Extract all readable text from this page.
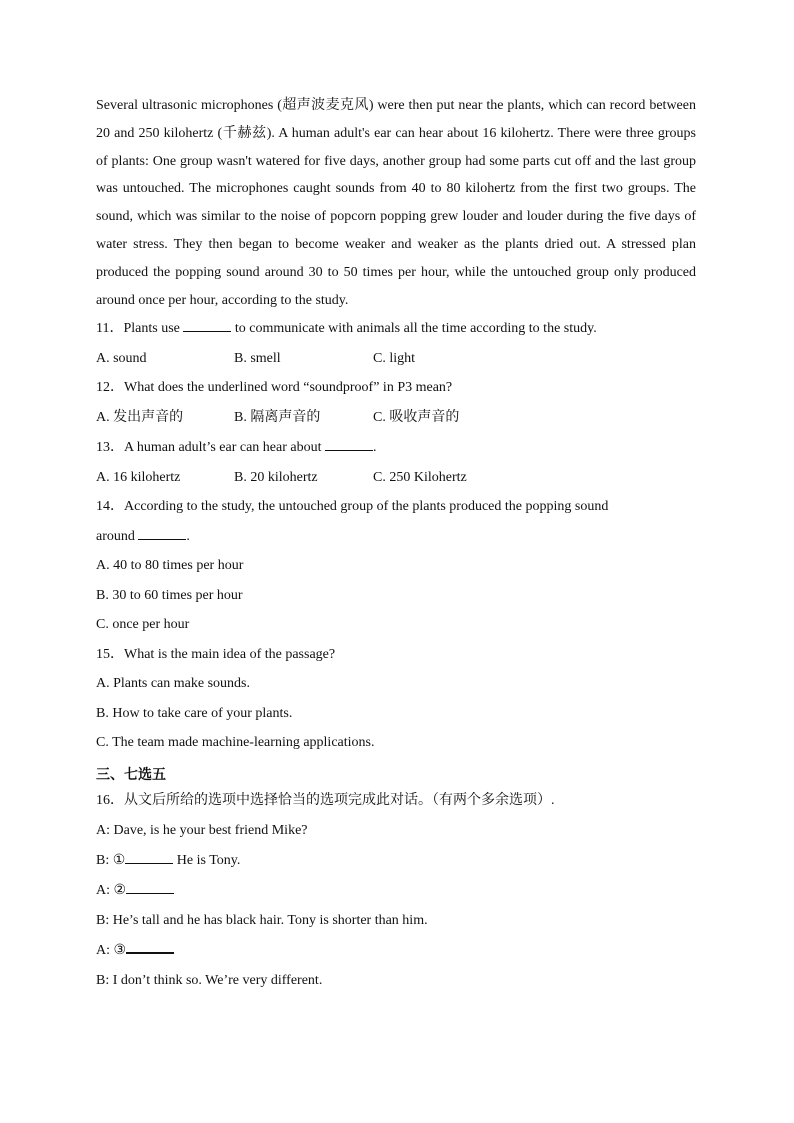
Several ultrasonic microphones (超声波麦克风) were then put near the plants, which can record between 20 and 250 kilohertz (千赫兹). A human adult's ear can hear about 16 kilohertz. There were three groups of plants: One group wasn't watered for five days, another group had some parts cut off and the last group was untouched. The microphones caught sounds from 40 to 80 kilohertz from the first two groups. The sound, which was similar to the noise of popcorn popping grew louder and louder during the five days of water stress. They then began to become weaker and weaker as the plants dried out. A stressed plan produced the popping sound around 30 to 50 times per hour, while the untouched group only produced around once per hour, according to the study.

11．Plants use	to communicate with animals all the time according to the study.
A. sound	B. smell	C. light
12．What does the underlined word “soundproof” in P3 mean?
A. 发出声音的	B. 隔离声音的	C. 吸收声音的
13．A human adult’s ear can hear about	.
A. 16 kilohertz	B. 20 kilohertz	C. 250 Kilohertz
14．According to the study, the untouched group of the plants produced the popping sound
around	.
A. 40 to 80 times per hour
B. 30 to 60 times per hour
C. once per hour
15．What is the main idea of the passage?
A. Plants can make sounds.
B. How to take care of your plants.
C. The team made machine-learning applications.
三、七选五
16．从文后所给的选项中选择恰当的选项完成此对话。（有两个多余选项）.
A: Dave, is he your best friend Mike?
B: ①	He is Tony.
A: ②
B: He’s tall and he has black hair. Tony is shorter than him.
A: ③
B: I don’t think so. We’re very different.
